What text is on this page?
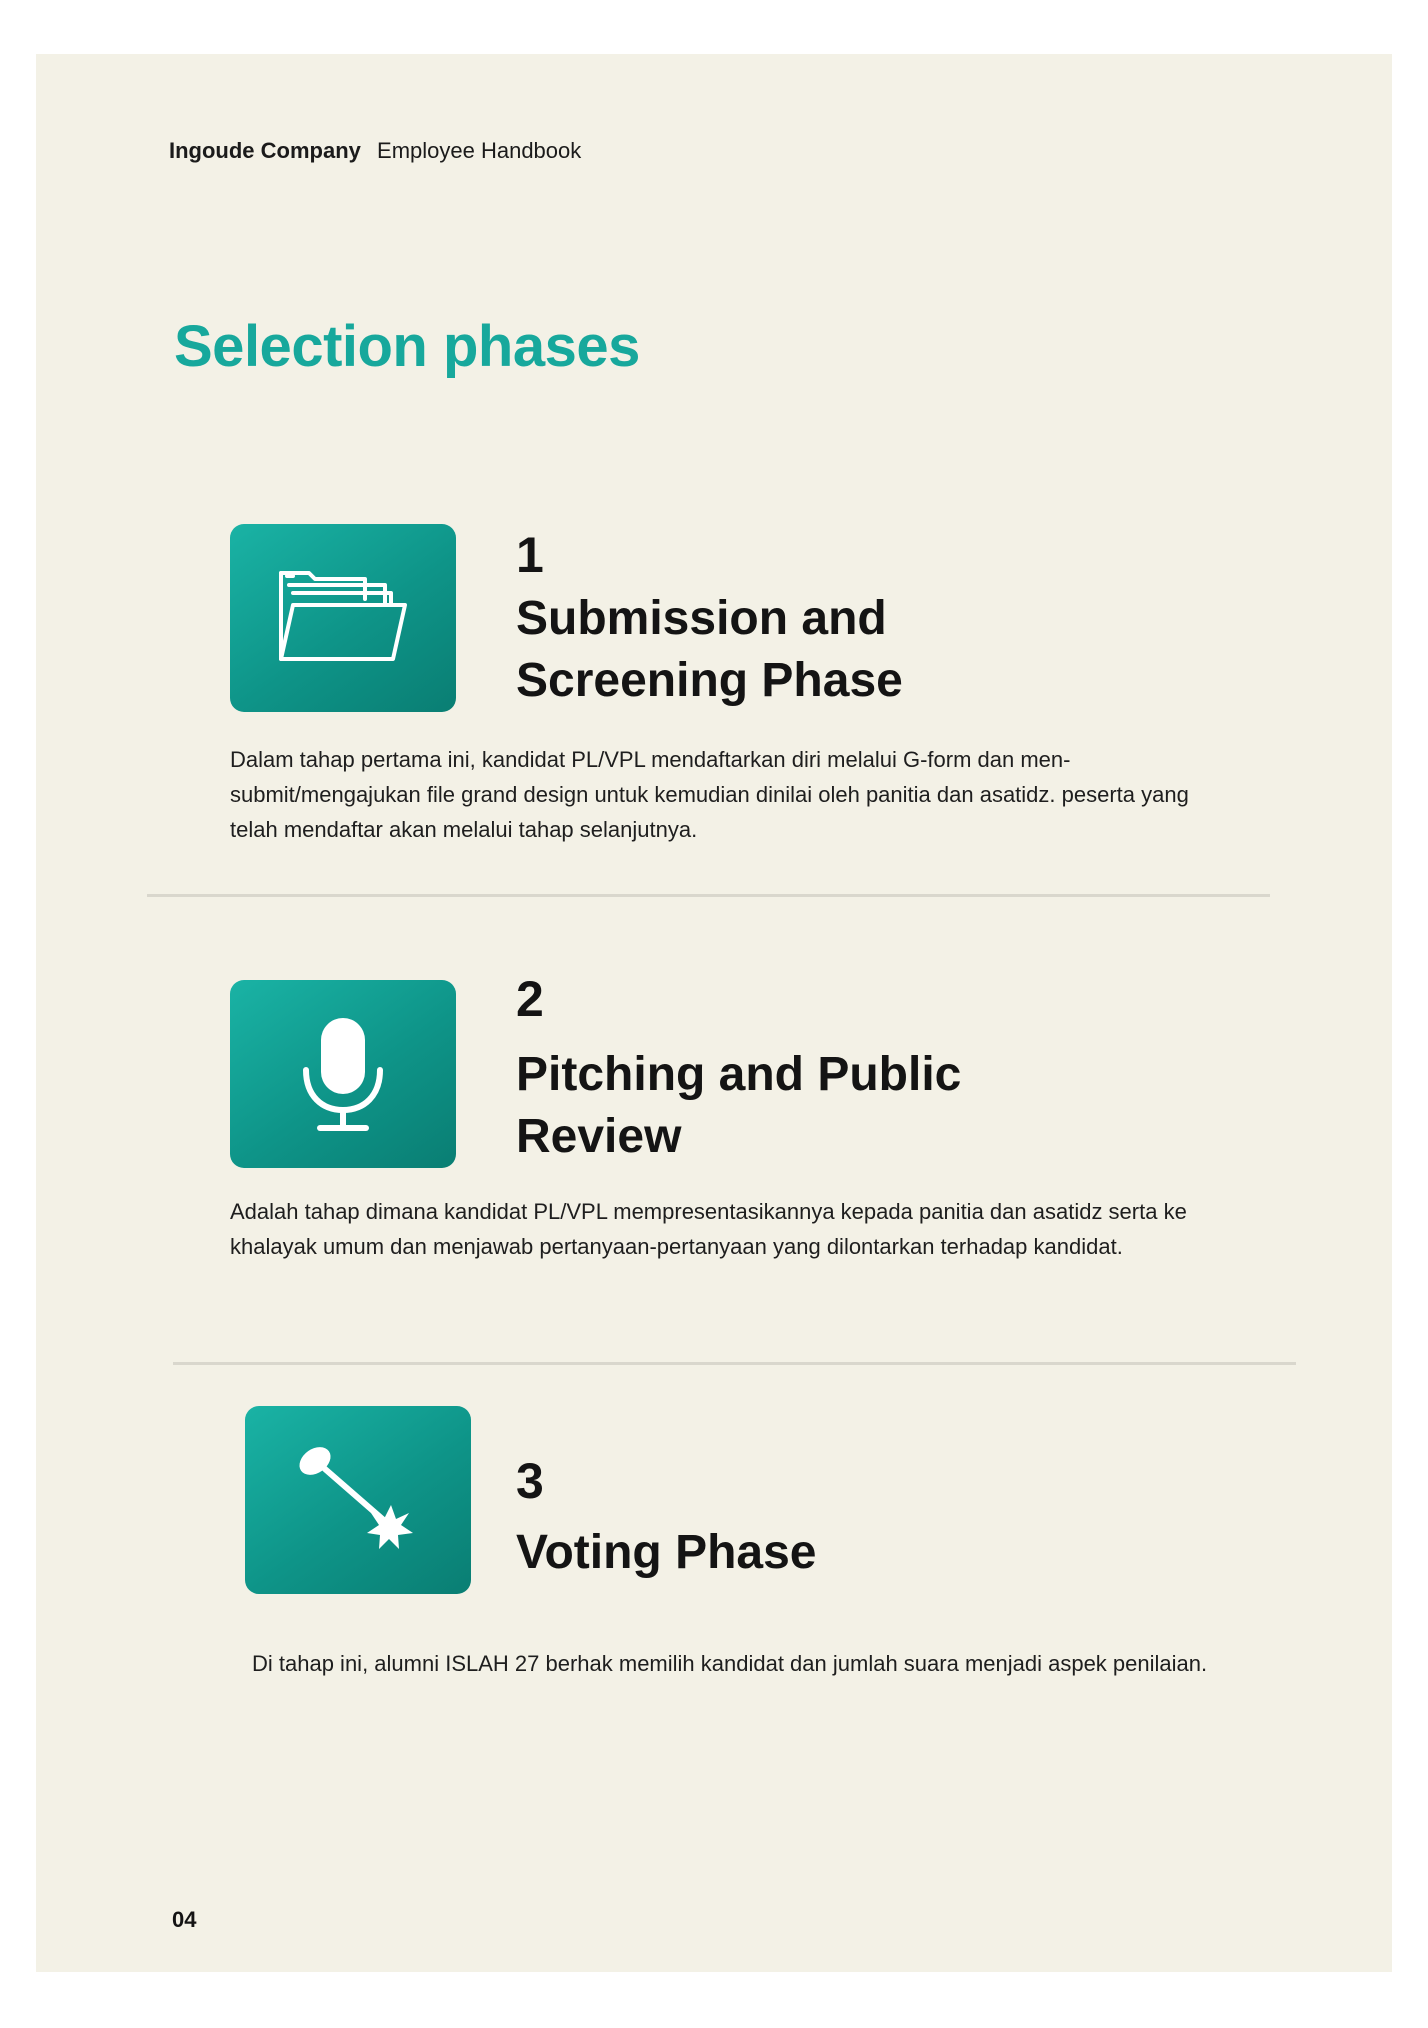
Ingoude Company Employee Handbook
Selection phases
1
Submission and Screening Phase

Dalam tahap pertama ini, kandidat PL/VPL mendaftarkan diri melalui G-form dan men-submit/mengajukan file grand design untuk kemudian dinilai oleh panitia dan asatidz. peserta yang telah mendaftar akan melalui tahap selanjutnya.

2
Pitching and Public Review

Adalah tahap dimana kandidat PL/VPL mempresentasikannya kepada panitia dan asatidz serta ke khalayak umum dan menjawab pertanyaan-pertanyaan yang dilontarkan terhadap kandidat.

3
Voting Phase

Di tahap ini, alumni ISLAH 27 berhak memilih kandidat dan jumlah suara menjadi aspek penilaian.

04
